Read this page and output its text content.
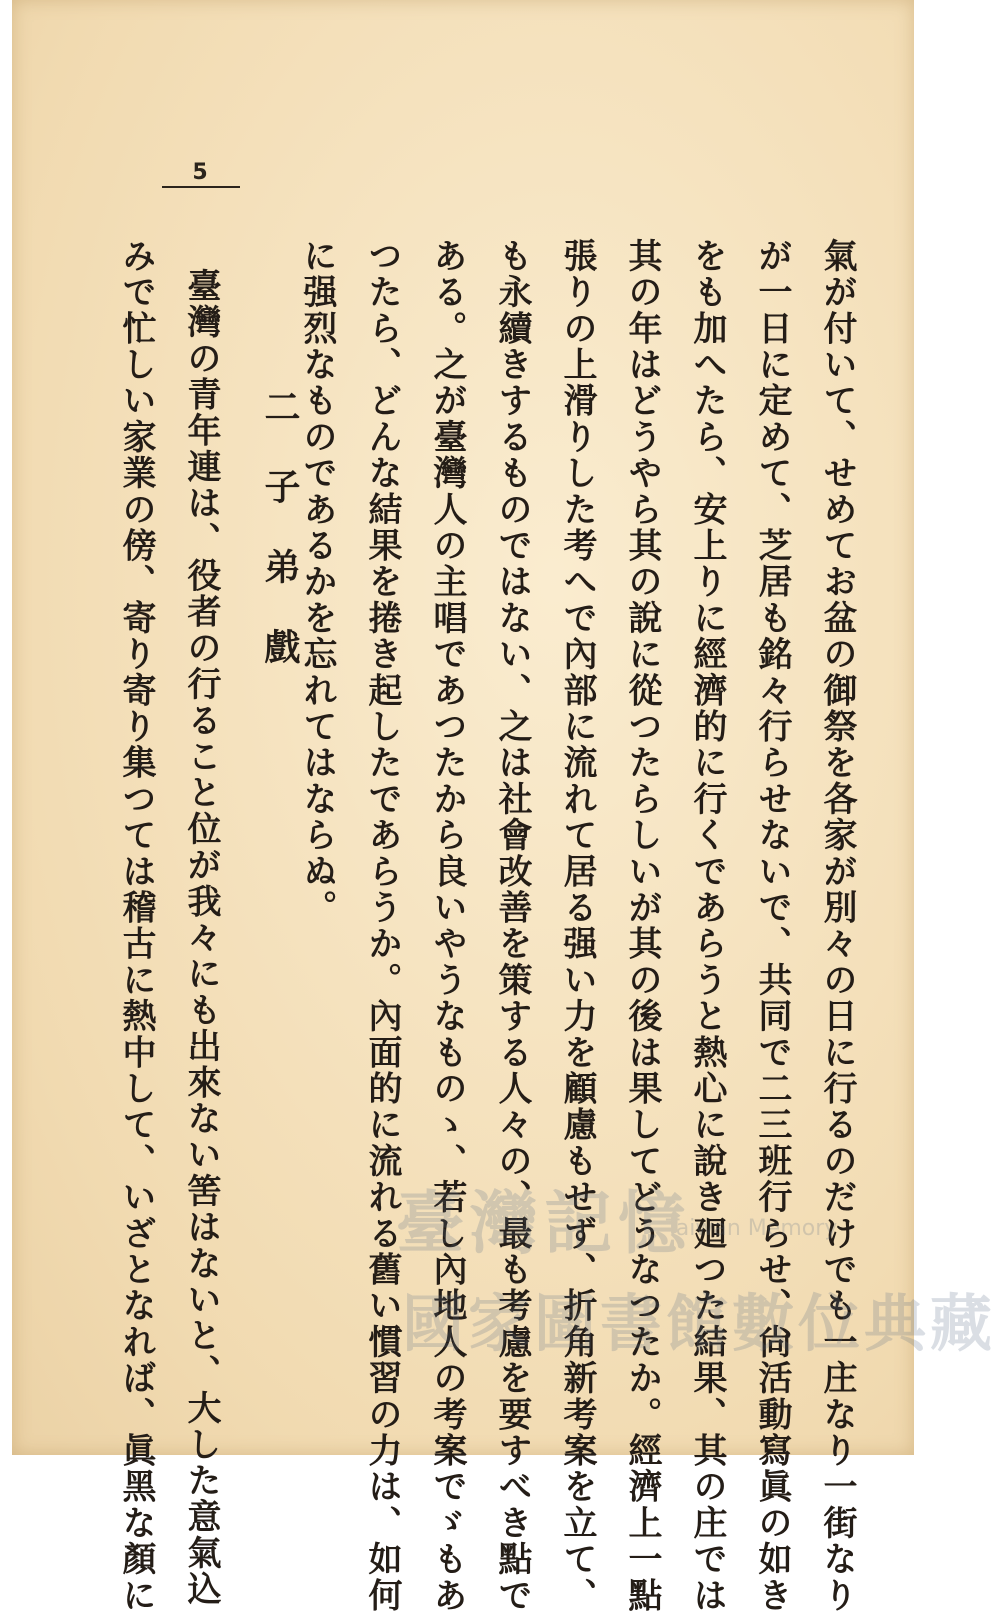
5
氣が付いて、せめてお盆の御祭を各家が別々の日に行るのだけでも一庄なり一街なり
が一日に定めて、芝居も銘々行らせないで、共同で二三班行らせ、尙活動寫眞の如き
をも加へたら、安上りに經濟的に行くであらうと熱心に說き廻つた結果、其の庄では
其の年はどうやら其の說に從つたらしいが其の後は果してどうなつたか。經濟上一點
張りの上滑りした考へで內部に流れて居る强い力を顧慮もせず、折角新考案を立て、
も永續きするものではない、之は社會改善を策する人々の、最も考慮を要すべき點で
ある。之が臺灣人の主唱であつたから良いやうなものゝ、若し內地人の考案でゞもあ
つたら、どんな結果を捲き起したであらうか。內面的に流れる舊い慣習の力は、如何
に强烈なものであるかを忘れてはならぬ。
二子弟戲
臺灣の青年連は、役者の行ること位が我々にも出來ない筈はないと、大した意氣込
みで忙しい家業の傍、寄り寄り集つては稽古に熱中して、いざとなれば、眞黑な顏に	臺灣記憶
Taiwan Memory
國家圖書館數位典藏
